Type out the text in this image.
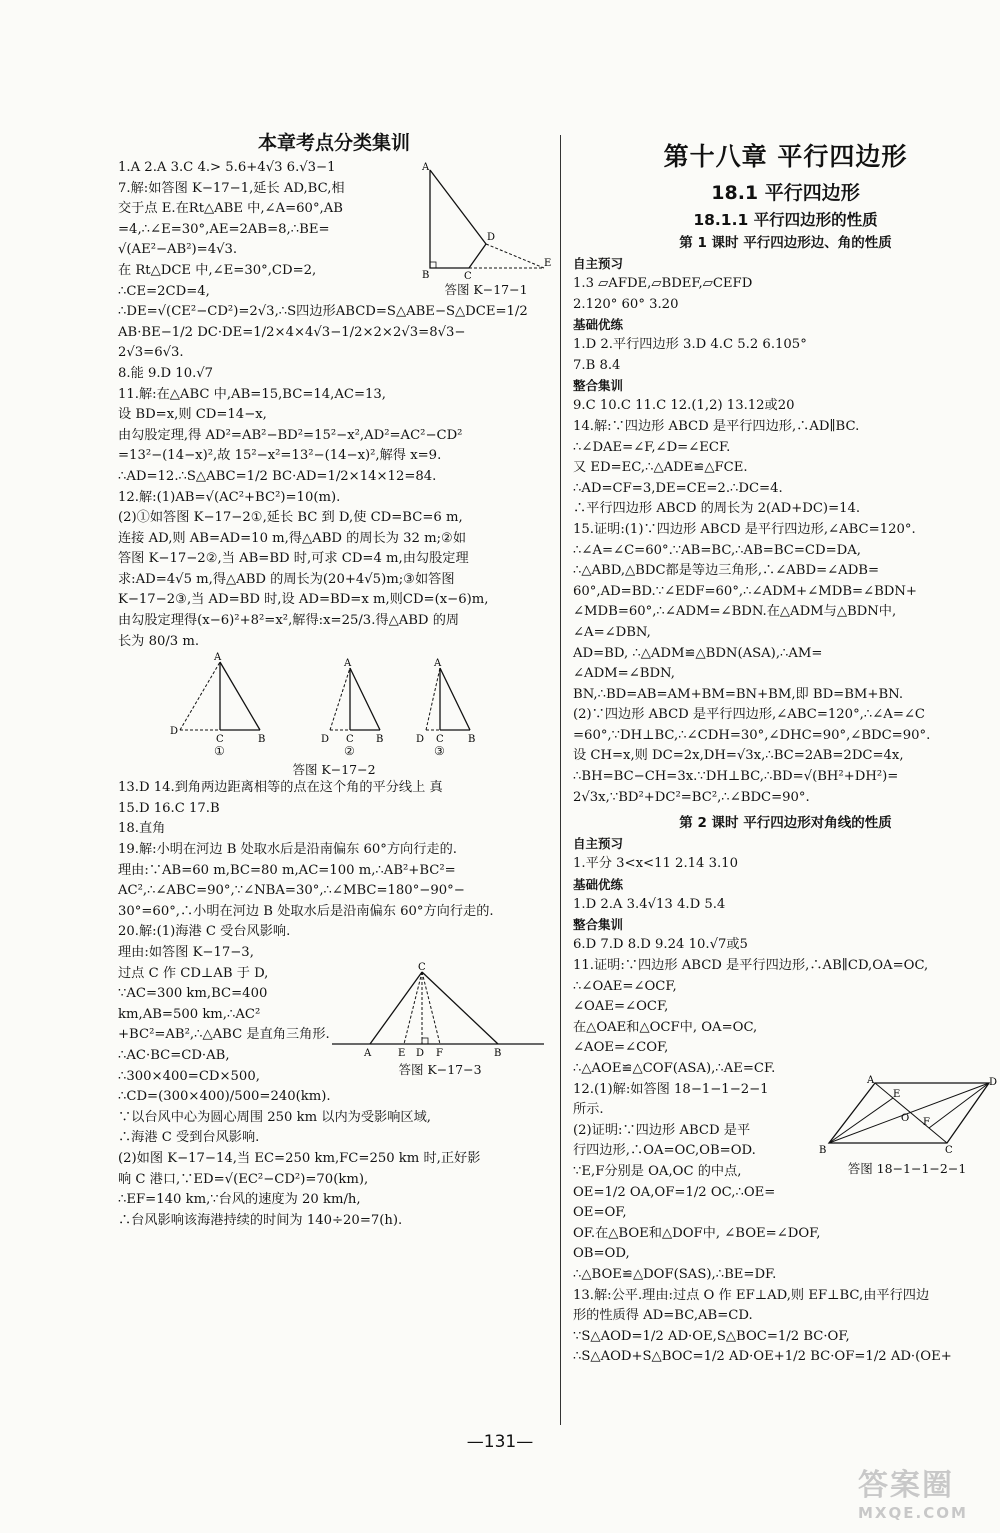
本章考点分类集训
1.A 2.A 3.C 4.> 5.6+4√3 6.√3−1
7.解:如答图 K−17−1,延长 AD,BC,相
交于点 E.在Rt△ABE 中,∠A=60°,AB
=4,∴∠E=30°,AE=2AB=8,∴BE=
√(AE²−AB²)=4√3.
在 Rt△DCE 中,∠E=30°,CD=2,
∴CE=2CD=4,
A
D
B	C
E
答图 K−17−1
∴DE=√(CE²−CD²)=2√3,∴S四边形ABCD=S△ABE−S△DCE=1/2
AB·BE−1/2 DC·DE=1/2×4×4√3−1/2×2×2√3=8√3−
2√3=6√3.
8.能 9.D 10.√7
11.解:在△ABC 中,AB=15,BC=14,AC=13,
设 BD=x,则 CD=14−x,
由勾股定理,得 AD²=AB²−BD²=15²−x²,AD²=AC²−CD²
=13²−(14−x)²,故 15²−x²=13²−(14−x)²,解得 x=9.
∴AD=12.∴S△ABC=1/2 BC·AD=1/2×14×12=84.
12.解:(1)AB=√(AC²+BC²)=10(m).
(2)①如答图 K−17−2①,延长 BC 到 D,使 CD=BC=6 m,
连接 AD,则 AB=AD=10 m,得△ABD 的周长为 32 m;②如
答图 K−17−2②,当 AB=BD 时,可求 CD=4 m,由勾股定理
求:AD=4√5 m,得△ABD 的周长为(20+4√5)m;③如答图
K−17−2③,当 AD=BD 时,设 AD=BD=x m,则CD=(x−6)m,
由勾股定理得(x−6)²+8²=x²,解得:x=25/3.得△ABD 的周
长为 80/3 m.
A
D
C	B
A
D C B
A
D C B
①	②	③
答图 K−17−2
13.D 14.到角两边距离相等的点在这个角的平分线上 真
15.D 16.C 17.B
18.直角
19.解:小明在河边 B 处取水后是沿南偏东 60°方向行走的.
理由:∵AB=60 m,BC=80 m,AC=100 m,∴AB²+BC²=
AC²,∴∠ABC=90°,∵∠NBA=30°,∴∠MBC=180°−90°−
30°=60°,∴小明在河边 B 处取水后是沿南偏东 60°方向行走的.
20.解:(1)海港 C 受台风影响.
理由:如答图 K−17−3,
过点 C 作 CD⊥AB 于 D,
∵AC=300 km,BC=400
km,AB=500 km,∴AC²
+BC²=AB²,∴△ABC 是直角三角形.
∴AC·BC=CD·AB,
∴300×400=CD×500,
C
A	E D F	B
答图 K−17−3
∴CD=(300×400)/500=240(km).
∵以台风中心为圆心周围 250 km 以内为受影响区域,
∴海港 C 受到台风影响.
(2)如图 K−17−14,当 EC=250 km,FC=250 km 时,正好影
响 C 港口,∵ED=√(EC²−CD²)=70(km),
∴EF=140 km,∵台风的速度为 20 km/h,
∴台风影响该海港持续的时间为 140÷20=7(h).
第十八章 平行四边形
18.1 平行四边形
18.1.1 平行四边形的性质
第 1 课时 平行四边形边、角的性质
自主预习
1.3 ▱AFDE,▱BDEF,▱CEFD
2.120° 60° 3.20
基础优练
1.D 2.平行四边形 3.D 4.C 5.2 6.105°
7.B 8.4
整合集训
9.C 10.C 11.C 12.(1,2) 13.12或20
14.解:∵四边形 ABCD 是平行四边形,∴AD∥BC.
∴∠DAE=∠F,∠D=∠ECF.
又 ED=EC,∴△ADE≌△FCE.
∴AD=CF=3,DE=CE=2.∴DC=4.
∴平行四边形 ABCD 的周长为 2(AD+DC)=14.
15.证明:(1)∵四边形 ABCD 是平行四边形,∠ABC=120°.
∴∠A=∠C=60°.∵AB=BC,∴AB=BC=CD=DA,
∴△ABD,△BDC都是等边三角形,∴∠ABD=∠ADB=
60°,AD=BD.∵∠EDF=60°,∴∠ADM+∠MDB=∠BDN+
∠MDB=60°,∴∠ADM=∠BDN.在△ADM与△BDN中,
∠A=∠DBN,
AD=BD, ∴△ADM≌△BDN(ASA),∴AM=
∠ADM=∠BDN,
BN,∴BD=AB=AM+BM=BN+BM,即 BD=BM+BN.
(2)∵四边形 ABCD 是平行四边形,∠ABC=120°,∴∠A=∠C
=60°,∵DH⊥BC,∴∠CDH=30°,∠DHC=90°,∠BDC=90°.
设 CH=x,则 DC=2x,DH=√3x,∴BC=2AB=2DC=4x,
∴BH=BC−CH=3x.∵DH⊥BC,∴BD=√(BH²+DH²)=
2√3x,∵BD²+DC²=BC²,∴∠BDC=90°.
第 2 课时 平行四边形对角线的性质
自主预习
1.平分 3<x<11 2.14 3.10
基础优练
1.D 2.A 3.4√13 4.D 5.4
整合集训
6.D 7.D 8.D 9.24 10.√7或5
11.证明:∵四边形 ABCD 是平行四边形,∴AB∥CD,OA=OC,
∴∠OAE=∠OCF,
∠OAE=∠OCF,
在△OAE和△OCF中, OA=OC,
∠AOE=∠COF,
∴△AOE≌△COF(ASA),∴AE=CF.
12.(1)解:如答图 18−1−1−2−1
所示.
(2)证明:∵四边形 ABCD 是平
行四边形,∴OA=OC,OB=OD.
∵E,F分别是 OA,OC 的中点,
A	D
B	C
E
O F
答图 18−1−1−2−1
OE=1/2 OA,OF=1/2 OC,∴OE=
OE=OF,
OF.在△BOE和△DOF中, ∠BOE=∠DOF,
OB=OD,
∴△BOE≌△DOF(SAS),∴BE=DF.
13.解:公平.理由:过点 O 作 EF⊥AD,则 EF⊥BC,由平行四边
形的性质得 AD=BC,AB=CD.
∵S△AOD=1/2 AD·OE,S△BOC=1/2 BC·OF,
∴S△AOD+S△BOC=1/2 AD·OE+1/2 BC·OF=1/2 AD·(OE+
—131—
答案圈
MXQE.COM
